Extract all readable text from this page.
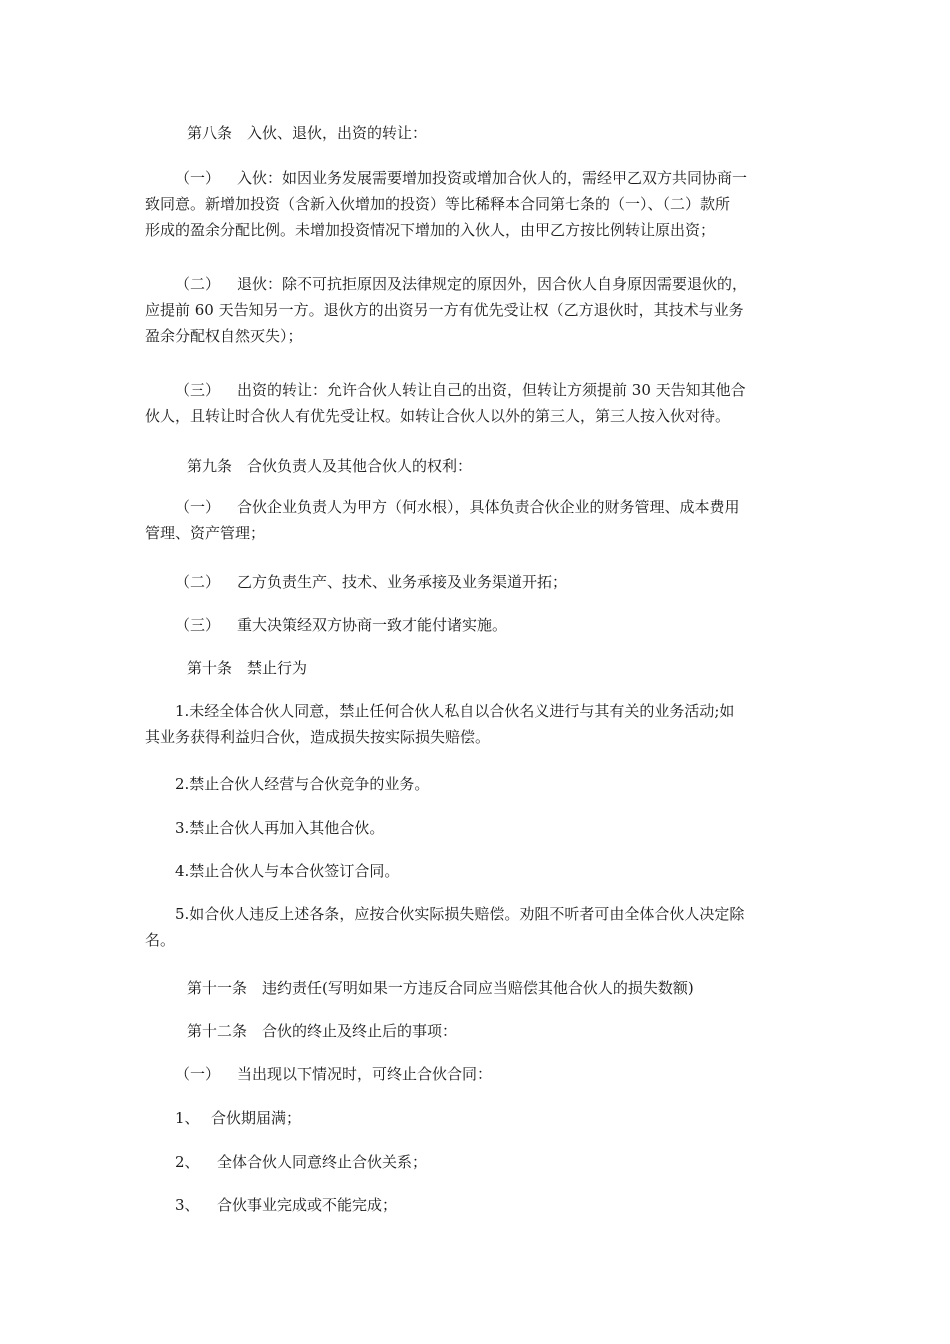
第八条　入伙、退伙，出资的转让：

（一） 入伙：如因业务发展需要增加投资或增加合伙人的，需经甲乙双方共同协商一
致同意。新增加投资（含新入伙增加的投资）等比稀释本合同第七条的（一）、（二）款所
形成的盈余分配比例。未增加投资情况下增加的入伙人，由甲乙方按比例转让原出资；

（二） 退伙：除不可抗拒原因及法律规定的原因外，因合伙人自身原因需要退伙的，
应提前 60 天告知另一方。退伙方的出资另一方有优先受让权（乙方退伙时，其技术与业务
盈余分配权自然灭失）；

（三） 出资的转让：允许合伙人转让自己的出资，但转让方须提前 30 天告知其他合
伙人，且转让时合伙人有优先受让权。如转让合伙人以外的第三人，第三人按入伙对待。

第九条　合伙负责人及其他合伙人的权利：

（一） 合伙企业负责人为甲方（何水根），具体负责合伙企业的财务管理、成本费用
管理、资产管理；

（二） 乙方负责生产、技术、业务承接及业务渠道开拓；

（三） 重大决策经双方协商一致才能付诸实施。

第十条　禁止行为

1.未经全体合伙人同意，禁止任何合伙人私自以合伙名义进行与其有关的业务活动;如
其业务获得利益归合伙，造成损失按实际损失赔偿。

2.禁止合伙人经营与合伙竞争的业务。

3.禁止合伙人再加入其他合伙。

4.禁止合伙人与本合伙签订合同。

5.如合伙人违反上述各条，应按合伙实际损失赔偿。劝阻不听者可由全体合伙人决定除
名。

第十一条　违约责任(写明如果一方违反合同应当赔偿其他合伙人的损失数额)

第十二条　合伙的终止及终止后的事项：

（一） 当出现以下情况时，可终止合伙合同：

1、 合伙期届满；

2、 全体合伙人同意终止合伙关系；

3、 合伙事业完成或不能完成；
